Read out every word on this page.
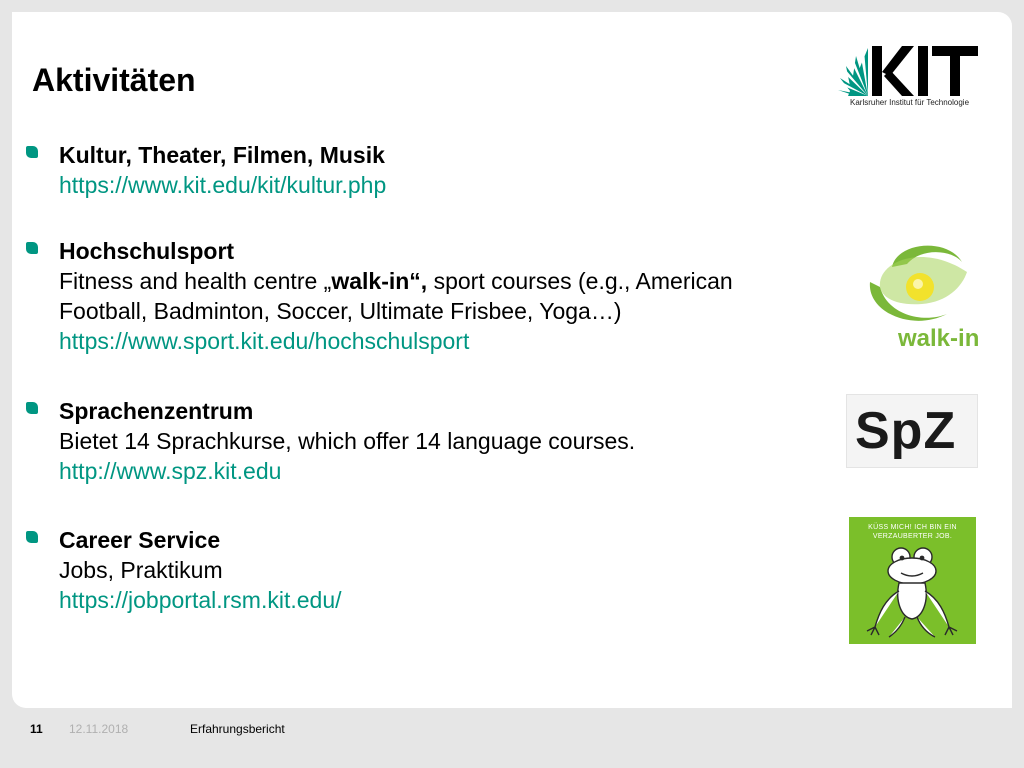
Aktivitäten
Kultur, Theater, Filmen, Musik
https://www.kit.edu/kit/kultur.php
Hochschulsport
Fitness and health centre „walk-in“, sport courses (e.g., American
Football, Badminton, Soccer, Ultimate Frisbee, Yoga…)
https://www.sport.kit.edu/hochschulsport
Sprachenzentrum
Bietet 14 Sprachkurse, which offer 14 language courses.
http://www.spz.kit.edu
Career Service
Jobs, Praktikum
https://jobportal.rsm.kit.edu/
Karlsruher Institut für Technologie
walk-in

SpZ
KÜSS MICH! ICH BIN EIN VERZAUBERTER JOB.
11 12.11.2018	Erfahrungsbericht
